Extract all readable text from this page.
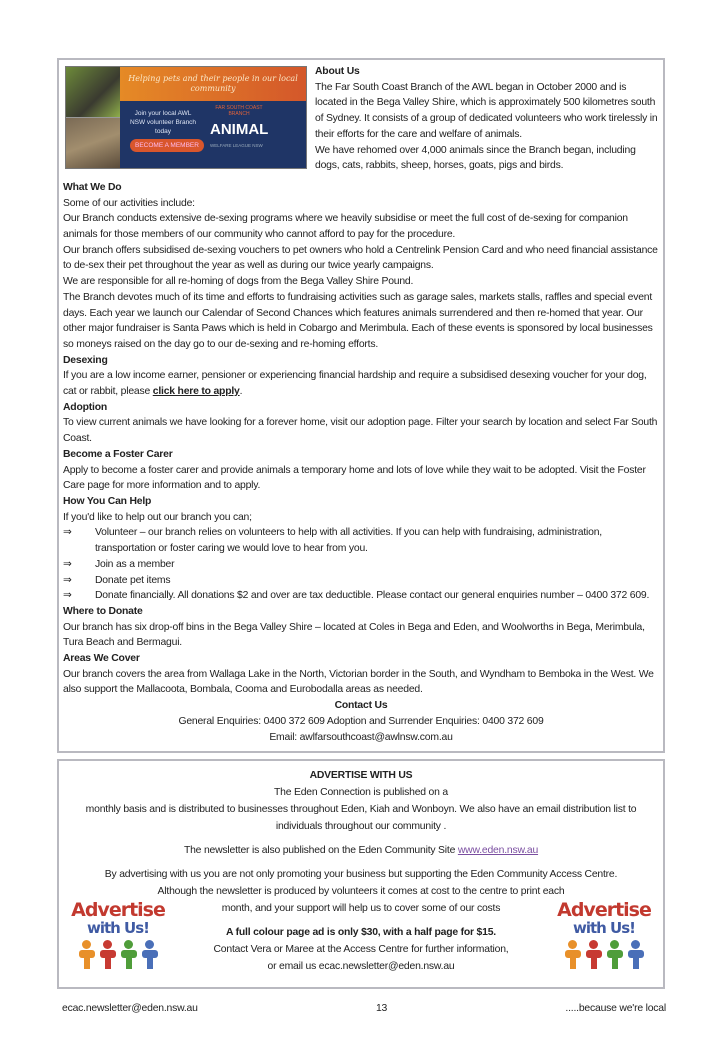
Helping pets and their people in our local community
Join your local AWL NSW volunteer Branch today
BECOME A MEMBER
FAR SOUTH COAST BRANCH
ANIMAL
WELFARE LEAGUE NSW
About Us

The Far South Coast Branch of the AWL began in October 2000 and is located in the Bega Valley Shire, which is approximately 500 kilometres south of Sydney. It consists of a group of dedicated volunteers who work tirelessly in their efforts for the care and welfare of animals.

We have rehomed over 4,000 animals since the Branch began, including dogs, cats, rabbits, sheep, horses, goats, pigs and birds.

What We Do

Some of our activities include:

Our Branch conducts extensive de-sexing programs where we heavily subsidise or meet the full cost of de-sexing for companion animals for those members of our community who cannot afford to pay for the procedure.

Our branch offers subsidised de-sexing vouchers to pet owners who hold a Centrelink Pension Card and who need financial assistance to de-sex their pet throughout the year as well as during our twice yearly campaigns.

We are responsible for all re-homing of dogs from the Bega Valley Shire Pound.

The Branch devotes much of its time and efforts to fundraising activities such as garage sales, markets stalls, raffles and special event days. Each year we launch our Calendar of Second Chances which features animals surrendered and then re-homed that year. Our other major fundraiser is Santa Paws which is held in Cobargo and Merimbula. Each of these events is sponsored by local businesses so moneys raised on the day go to our de-sexing and re-homing efforts.

Desexing

If you are a low income earner, pensioner or experiencing financial hardship and require a subsidised desexing voucher for your dog, cat or rabbit, please click here to apply.

Adoption

To view current animals we have looking for a forever home, visit our adoption page. Filter your search by location and select Far South Coast.

Become a Foster Carer

Apply to become a foster carer and provide animals a temporary home and lots of love while they wait to be adopted. Visit the Foster Care page for more information and to apply.

How You Can Help

If you'd like to help out our branch you can;

⇒	Volunteer – our branch relies on volunteers to help with all activities. If you can help with fundraising, administration, transportation or foster caring we would love to hear from you.
⇒	Join as a member
⇒	Donate pet items
⇒	Donate financially. All donations $2 and over are tax deductible. Please contact our general enquiries number – 0400 372 609.
Where to Donate

Our branch has six drop-off bins in the Bega Valley Shire – located at Coles in Bega and Eden, and Woolworths in Bega, Merimbula, Tura Beach and Bermagui.

Areas We Cover

Our branch covers the area from Wallaga Lake in the North, Victorian border in the South, and Wyndham to Bemboka in the West. We also support the Mallacoota, Bombala, Cooma and Eurobodalla areas as needed.

Contact Us

General Enquiries: 0400 372 609 Adoption and Surrender Enquiries: 0400 372 609

Email: awlfarsouthcoast@awlnsw.com.au

ADVERTISE WITH US

The Eden Connection is published on a

monthly basis and is distributed to businesses throughout Eden, Kiah and Wonboyn. We also have an email distribution list to

individuals throughout our community .

The newsletter is also published on the Eden Community Site www.eden.nsw.au

By advertising with us you are not only promoting your business but supporting the Eden Community Access Centre.

Although the newsletter is produced by volunteers it comes at cost to the centre to print each

Advertise
with Us!

month, and your support will help us to cover some of our costs

A full colour page ad is only $30, with a half page for $15.

Contact Vera or Maree at the Access Centre for further information,

or email us ecac.newsletter@eden.nsw.au

Advertise
with Us!
ecac.newsletter@eden.nsw.au	13	.....because we're local
